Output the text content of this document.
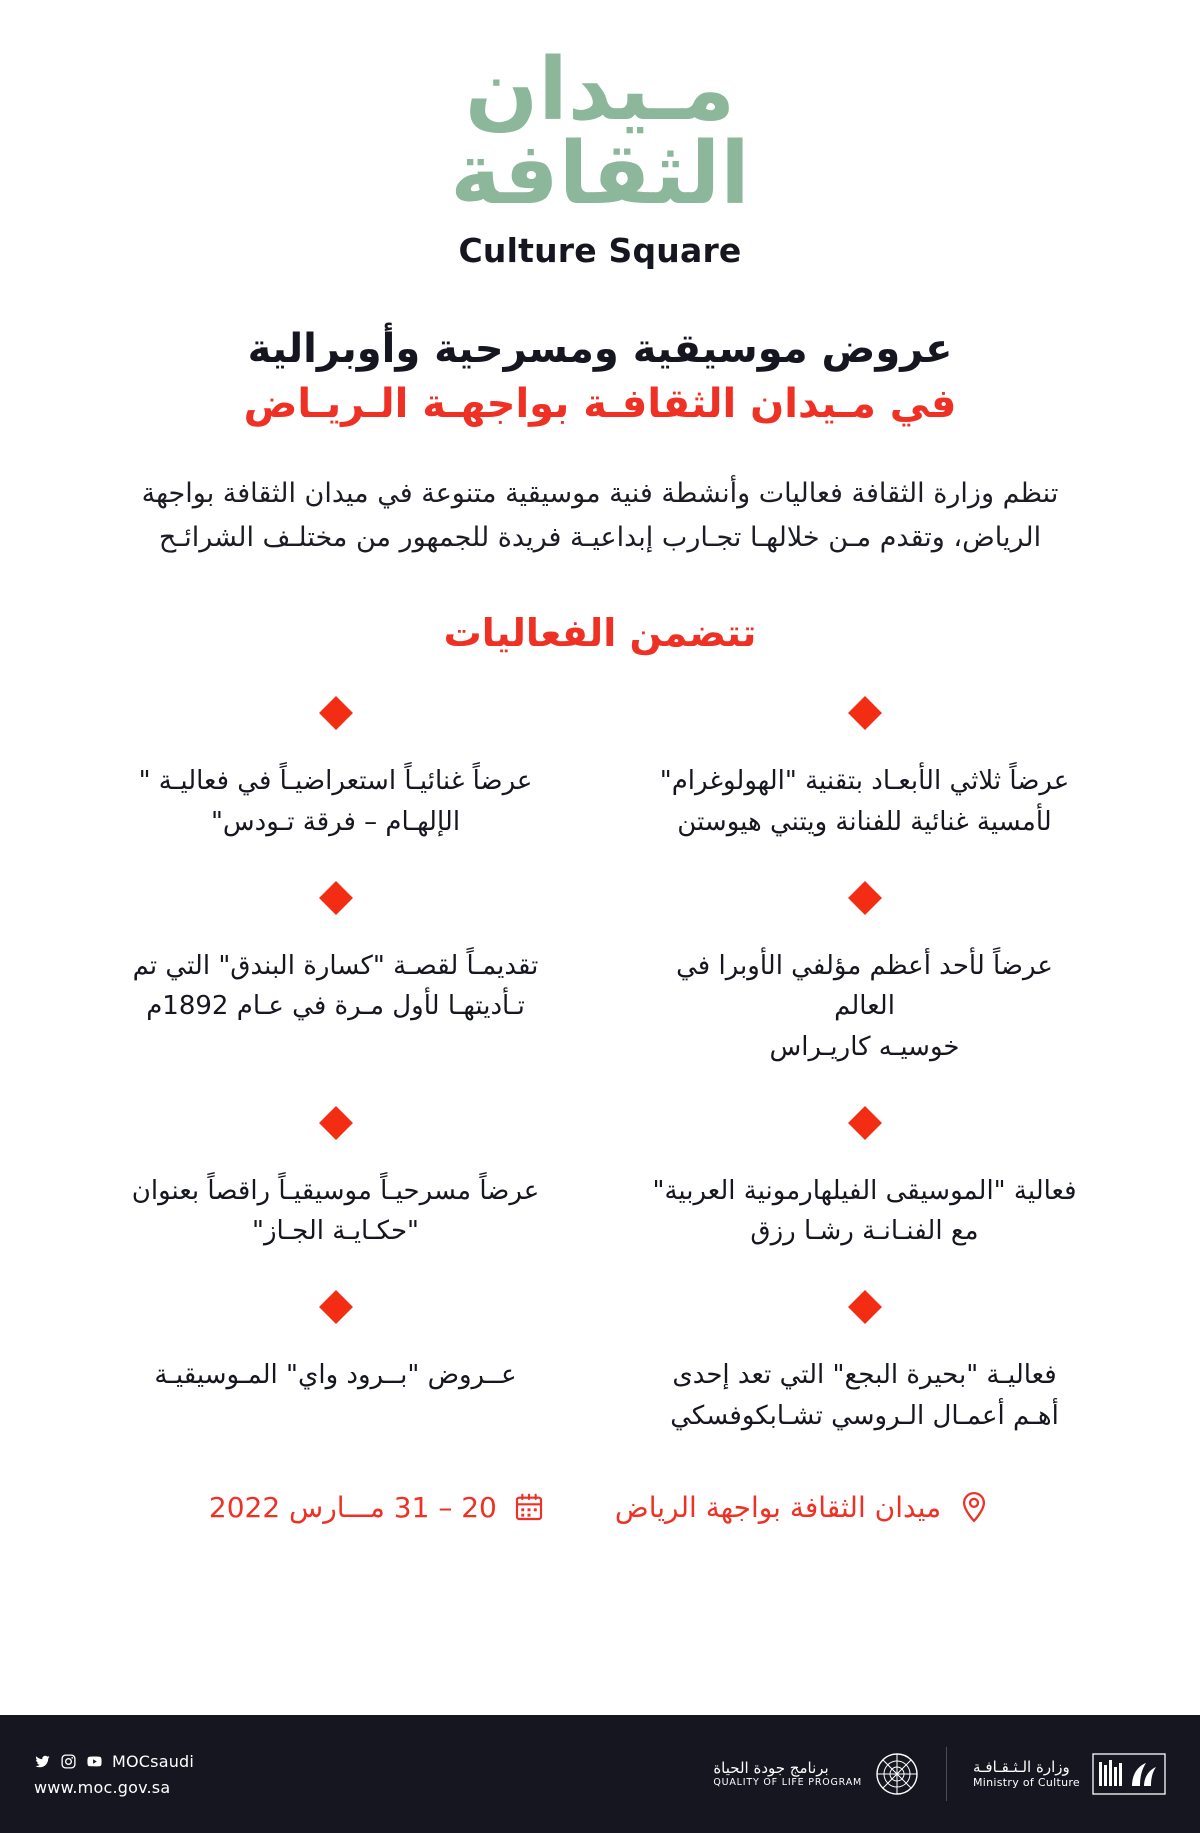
مـيدان
الثقافة
Culture Square
عروض موسيقية ومسرحية وأوبرالية
في مـيدان الثقافـة بواجهـة الـريـاض
تنظم وزارة الثقافة فعاليات وأنشطة فنية موسيقية متنوعة في ميدان الثقافة بواجهة
الرياض، وتقدم مـن خلالهـا تجـارب إبداعيـة فريدة للجمهور من مختلـف الشرائـح
تتضمن الفعاليات
عرضاً ثلاثي الأبعـاد بتقنية "الهولوغرام"
لأمسية غنائية للفنانة ويتني هيوستن
عرضاً غنائيـاً استعراضيـاً في فعاليـة "
الإلهـام – فرقة تـودس"
عرضاً لأحد أعظم مؤلفي الأوبرا في العالم
خوسيـه كاريـراس
تقديمـاً لقصـة "كسارة البندق" التي تم
تـأديتهـا لأول مـرة في عـام 1892م
فعالية "الموسيقى الفيلهارمونية العربية"
مع الفنـانـة رشـا رزق
عرضاً مسرحيـاً موسيقيـاً راقصاً بعنوان
"حكـايـة الجـاز"
فعاليـة "بحيرة البجع" التي تعد إحدى
أهـم أعمـال الـروسي تشـابكوفسكي
عــروض "بــرود واي" المـوسيقيـة
ميدان الثقافة بواجهة الرياض
20 – 31 مـــارس 2022
MOCsaudi
www.moc.gov.sa
برنامج جودة الحياة
QUALITY OF LIFE PROGRAM
وزارة الـثـقـافـة
Ministry of Culture
